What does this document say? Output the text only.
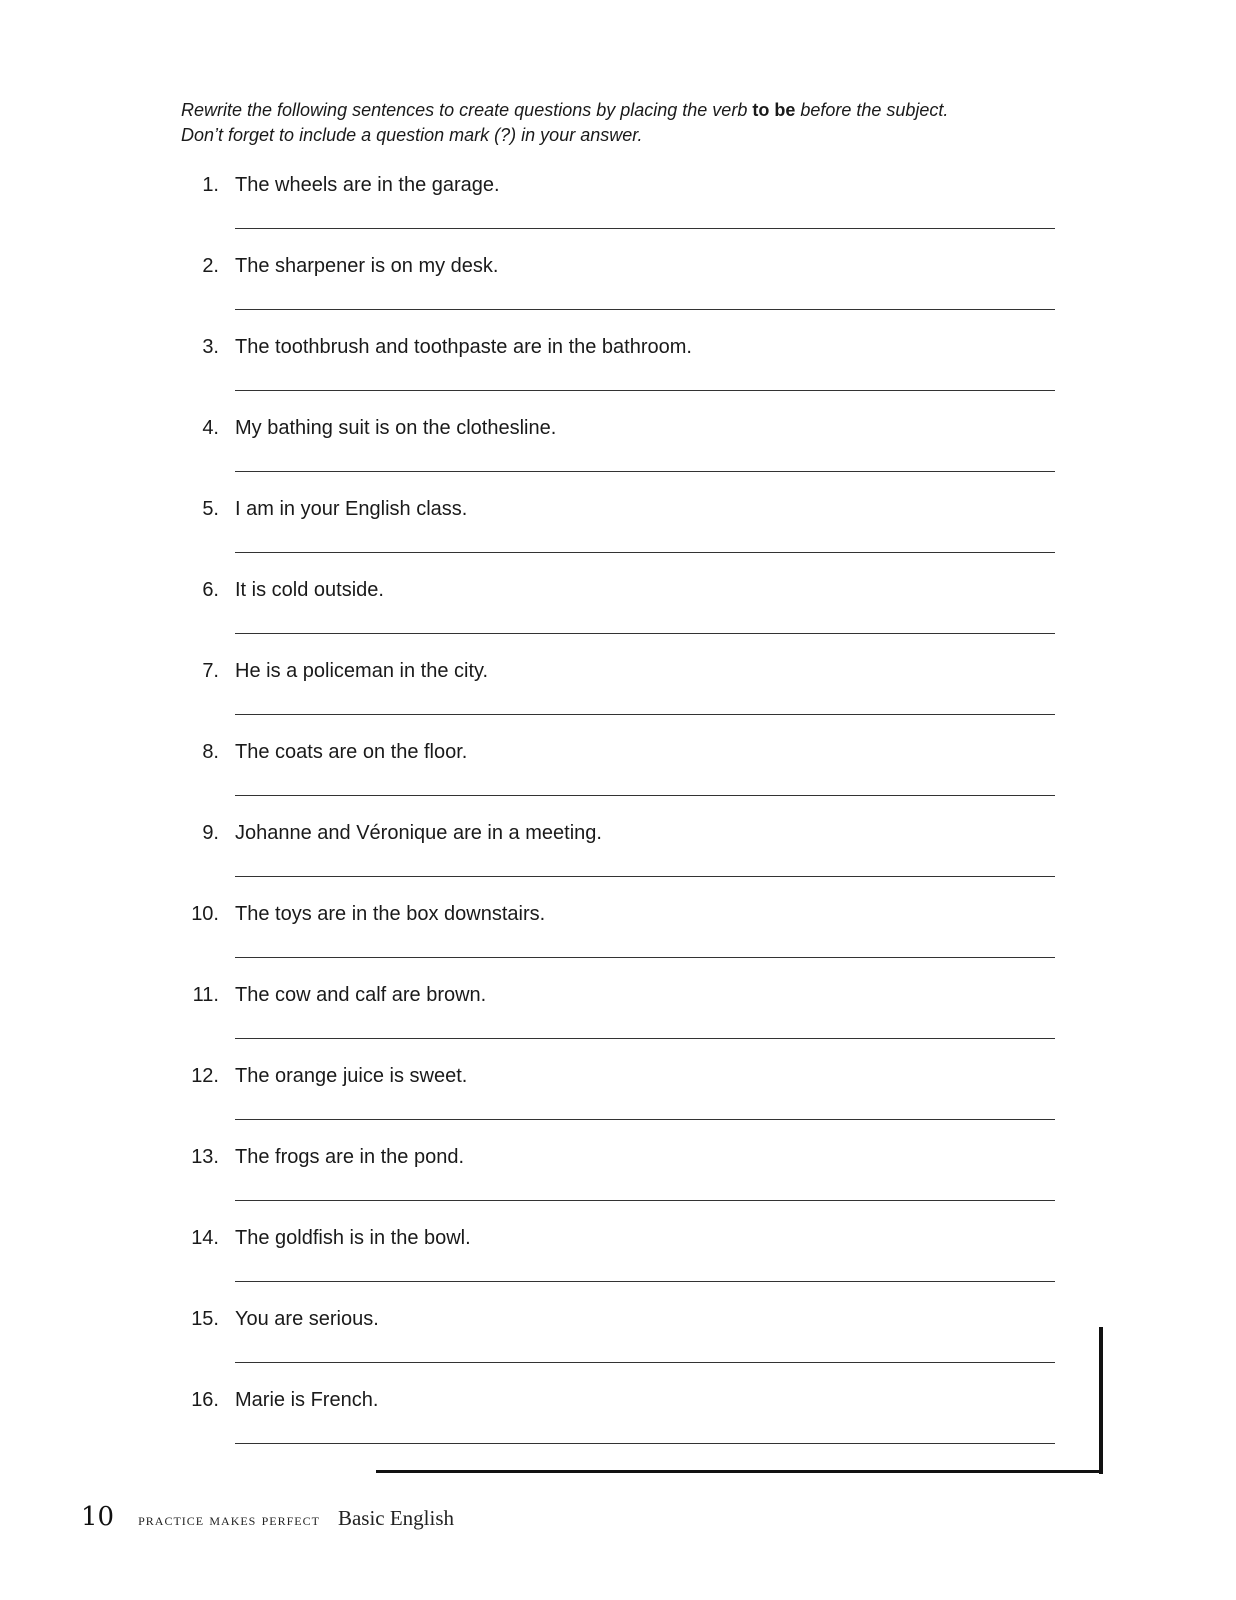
Rewrite the following sentences to create questions by placing the verb to be before the subject.
Don’t forget to include a question mark (?) in your answer.

1. The wheels are in the garage.
2. The sharpener is on my desk.
3. The toothbrush and toothpaste are in the bathroom.
4. My bathing suit is on the clothesline.
5. I am in your English class.
6. It is cold outside.
7. He is a policeman in the city.
8. The coats are on the floor.
9. Johanne and Véronique are in a meeting.
10. The toys are in the box downstairs.
11. The cow and calf are brown.
12. The orange juice is sweet.
13. The frogs are in the pond.
14. The goldfish is in the bowl.
15. You are serious.
16. Marie is French.
10 practice makes perfect Basic English
